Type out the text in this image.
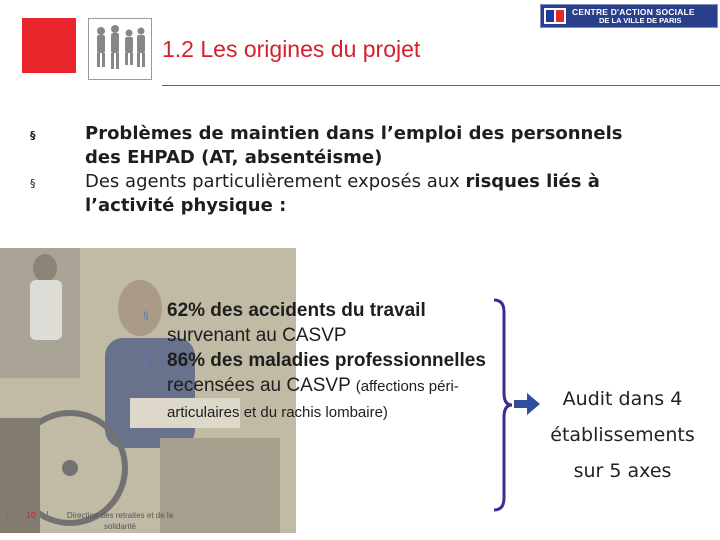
1.2 Les origines du projet
CENTRE D'ACTION SOCIALE
DE LA VILLE DE PARIS
§	Problèmes de maintien dans l’emploi des personnels des EHPAD (AT, absentéisme)
§	Des agents particulièrement exposés aux risques liés à l’activité physique :
§ 62% des accidents du travail survenant au CASVP
§ 86% des maladies professionnelles recensées au CASVP (affections péri-articulaires et du rachis lombaire)
Audit dans 4
établissements
sur 5 axes
10	Direction des retraites et de la solidarité
